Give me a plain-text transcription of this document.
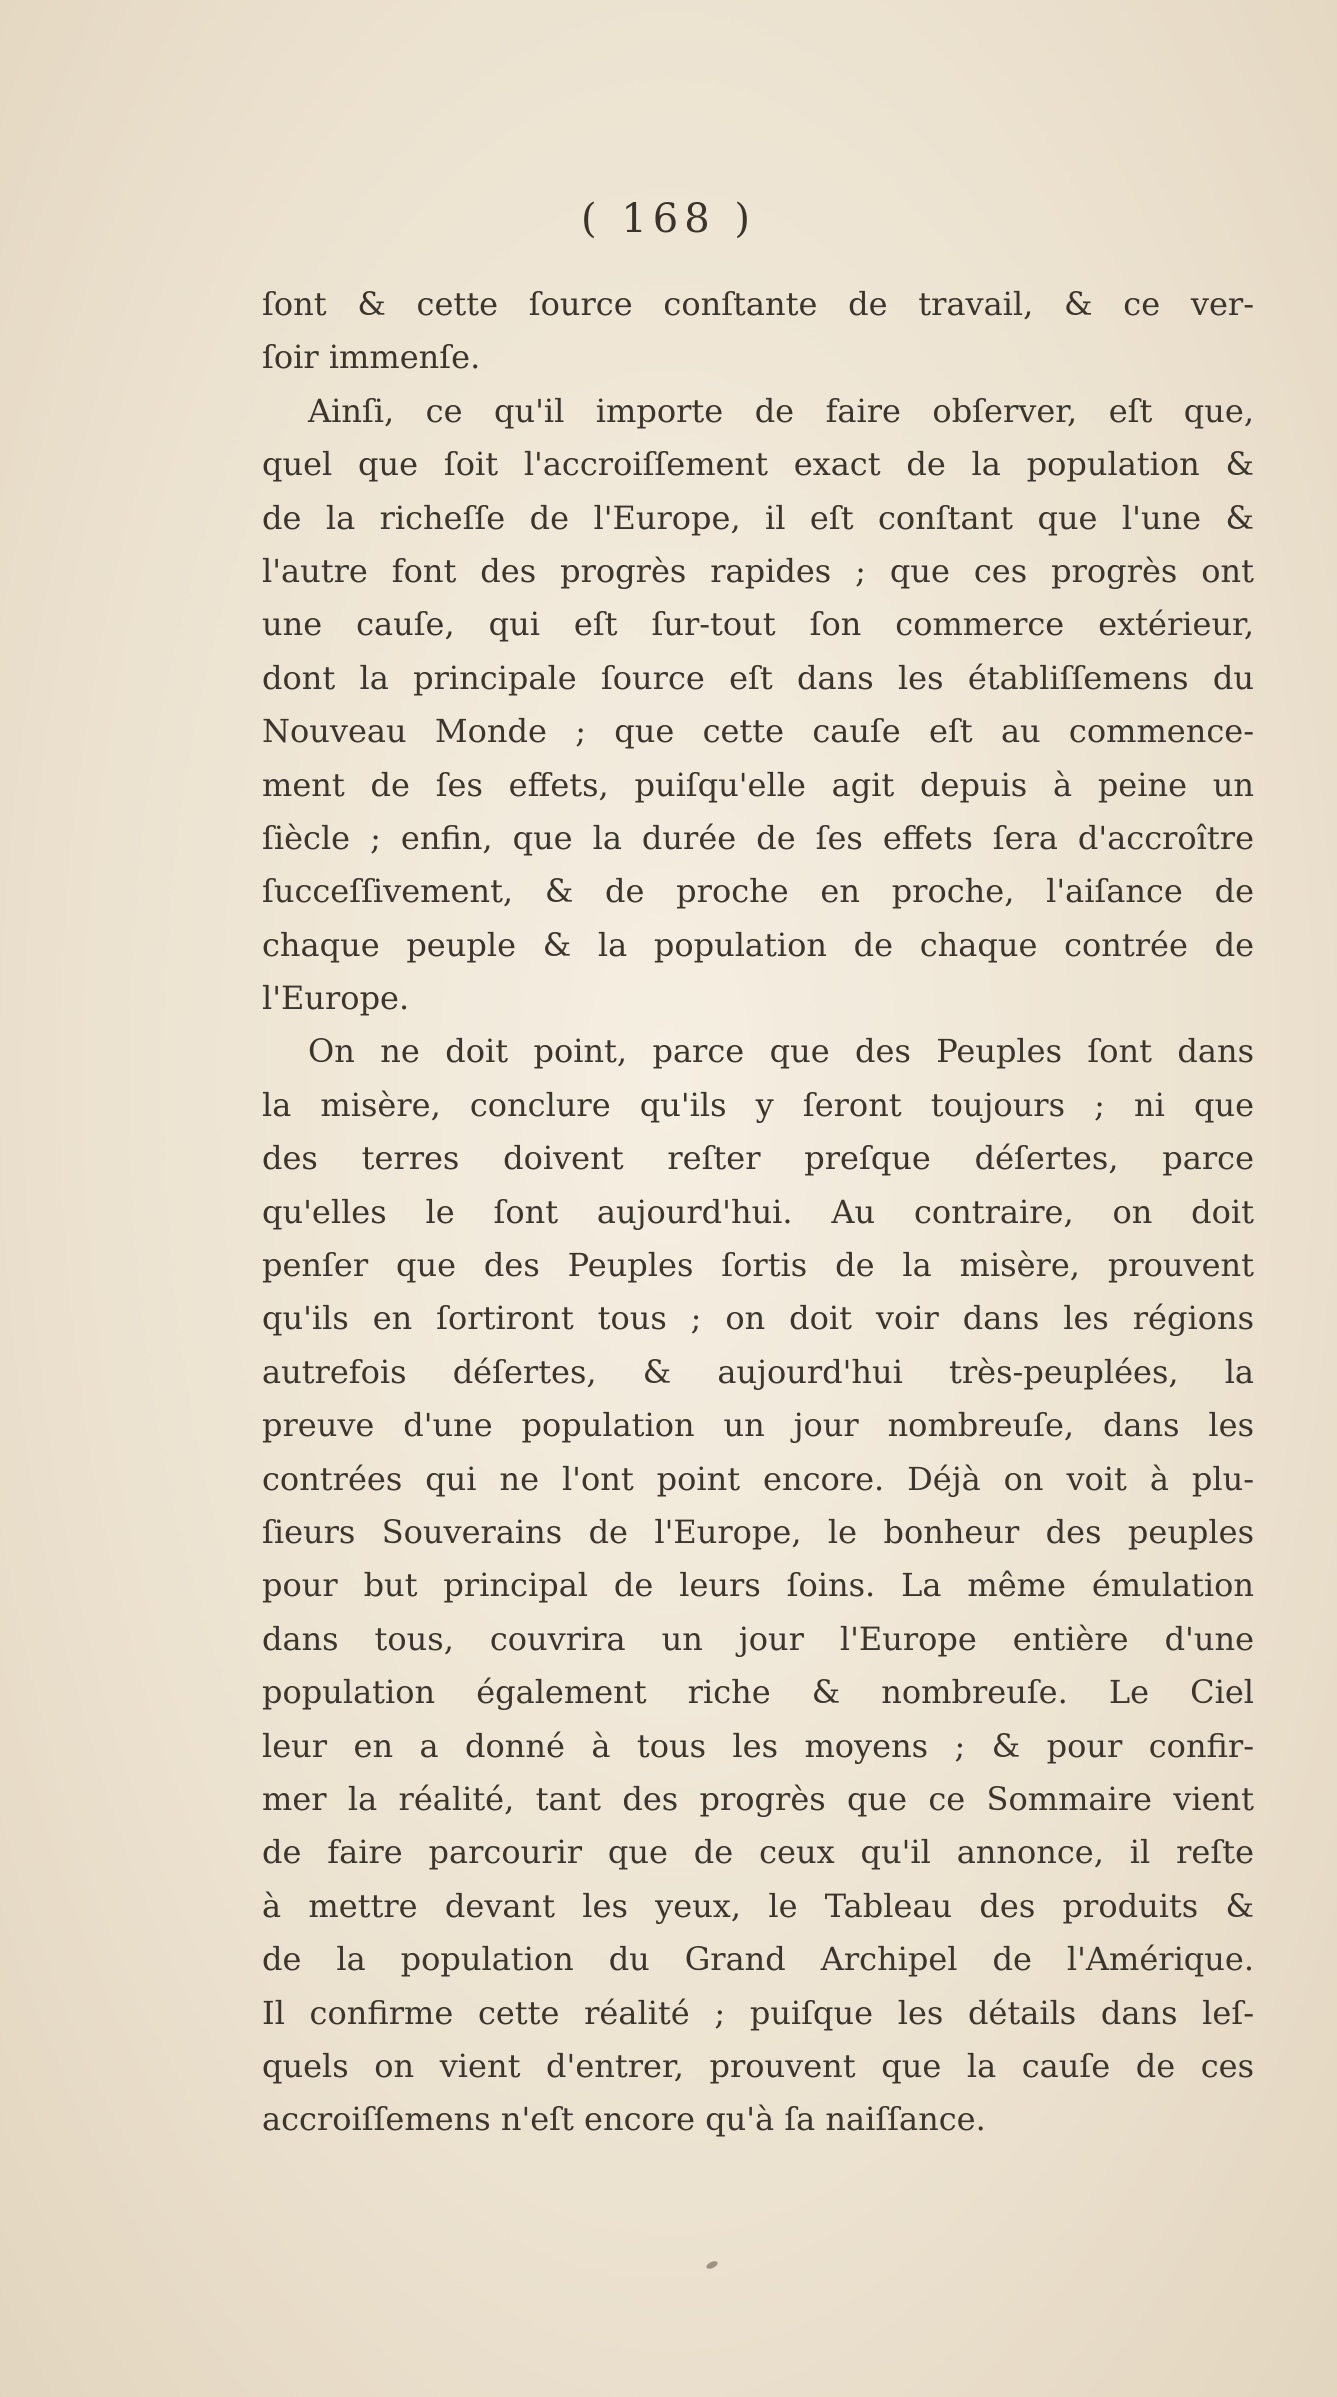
( 168 )
ſont & cette ſource conſtante de travail, & ce ver-
ſoir immenſe.
Ainſi, ce qu'il importe de faire obſerver, eſt que,
quel que ſoit l'accroiſſement exact de la population &
de la richeſſe de l'Europe, il eſt conſtant que l'une &
l'autre font des progrès rapides ; que ces progrès ont
une cauſe, qui eſt ſur-tout ſon commerce extérieur,
dont la principale ſource eſt dans les établiſſemens du
Nouveau Monde ; que cette cauſe eſt au commence-
ment de ſes effets, puiſqu'elle agit depuis à peine un
ſiècle ; enfin, que la durée de ſes effets ſera d'accroître
ſucceſſivement, & de proche en proche, l'aiſance de
chaque peuple & la population de chaque contrée de
l'Europe.
On ne doit point, parce que des Peuples ſont dans
la misère, conclure qu'ils y ſeront toujours ; ni que
des terres doivent reſter preſque déſertes, parce
qu'elles le ſont aujourd'hui. Au contraire, on doit
penſer que des Peuples ſortis de la misère, prouvent
qu'ils en ſortiront tous ; on doit voir dans les régions
autrefois déſertes, & aujourd'hui très-peuplées, la
preuve d'une population un jour nombreuſe, dans les
contrées qui ne l'ont point encore. Déjà on voit à plu-
ſieurs Souverains de l'Europe, le bonheur des peuples
pour but principal de leurs ſoins. La même émulation
dans tous, couvrira un jour l'Europe entière d'une
population également riche & nombreuſe. Le Ciel
leur en a donné à tous les moyens ; & pour confir-
mer la réalité, tant des progrès que ce Sommaire vient
de faire parcourir que de ceux qu'il annonce, il reſte
à mettre devant les yeux, le Tableau des produits &
de la population du Grand Archipel de l'Amérique.
Il confirme cette réalité ; puiſque les détails dans leſ-
quels on vient d'entrer, prouvent que la cauſe de ces
accroiſſemens n'eſt encore qu'à ſa naiſſance.
